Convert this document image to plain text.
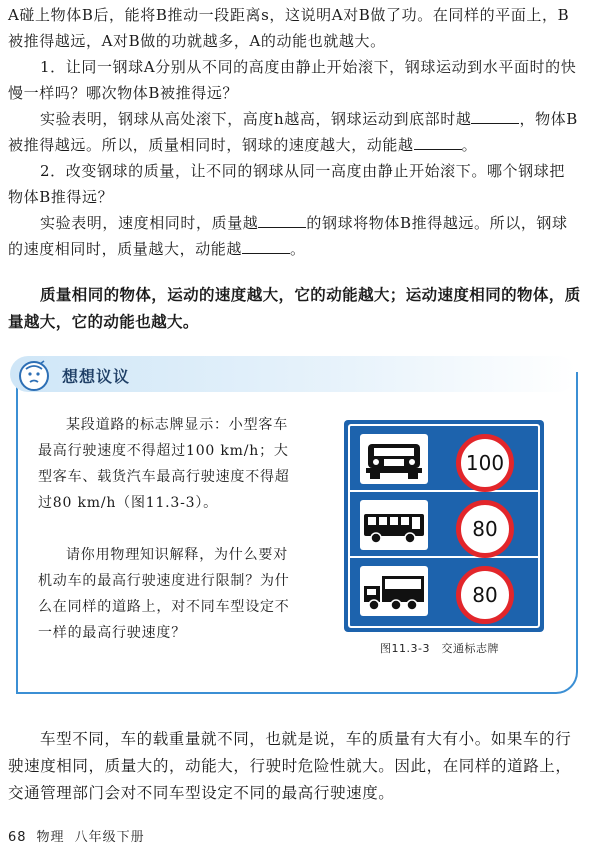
A碰上物体B后，能将B推动一段距离s，这说明A对B做了功。在同样的平面上，B被推得越远，A对B做的功就越多，A的动能也就越大。

1．让同一钢球A分别从不同的高度由静止开始滚下，钢球运动到水平面时的快慢一样吗？哪次物体B被推得远？

实验表明，钢球从高处滚下，高度h越高，钢球运动到底部时越	，物体B被推得越远。所以，质量相同时，钢球的速度越大，动能越	。

2．改变钢球的质量，让不同的钢球从同一高度由静止开始滚下。哪个钢球把物体B推得远？

实验表明，速度相同时，质量越	的钢球将物体B推得越远。所以，钢球的速度相同时，质量越大，动能越	。

质量相同的物体，运动的速度越大，它的动能越大；运动速度相同的物体，质量越大，它的动能也越大。

想想议议

某段道路的标志牌显示：小型客车最高行驶速度不得超过100 km/h；大型客车、载货汽车最高行驶速度不得超过80 km/h（图11.3-3）。

请你用物理知识解释，为什么要对机动车的最高行驶速度进行限制？为什么在同样的道路上，对不同车型设定不一样的最高行驶速度？

100
80
80
图11.3-3　交通标志牌

车型不同，车的载重量就不同，也就是说，车的质量有大有小。如果车的行驶速度相同，质量大的，动能大，行驶时危险性就大。因此，在同样的道路上，交通管理部门会对不同车型设定不同的最高行驶速度。

68 物理 八年级下册
